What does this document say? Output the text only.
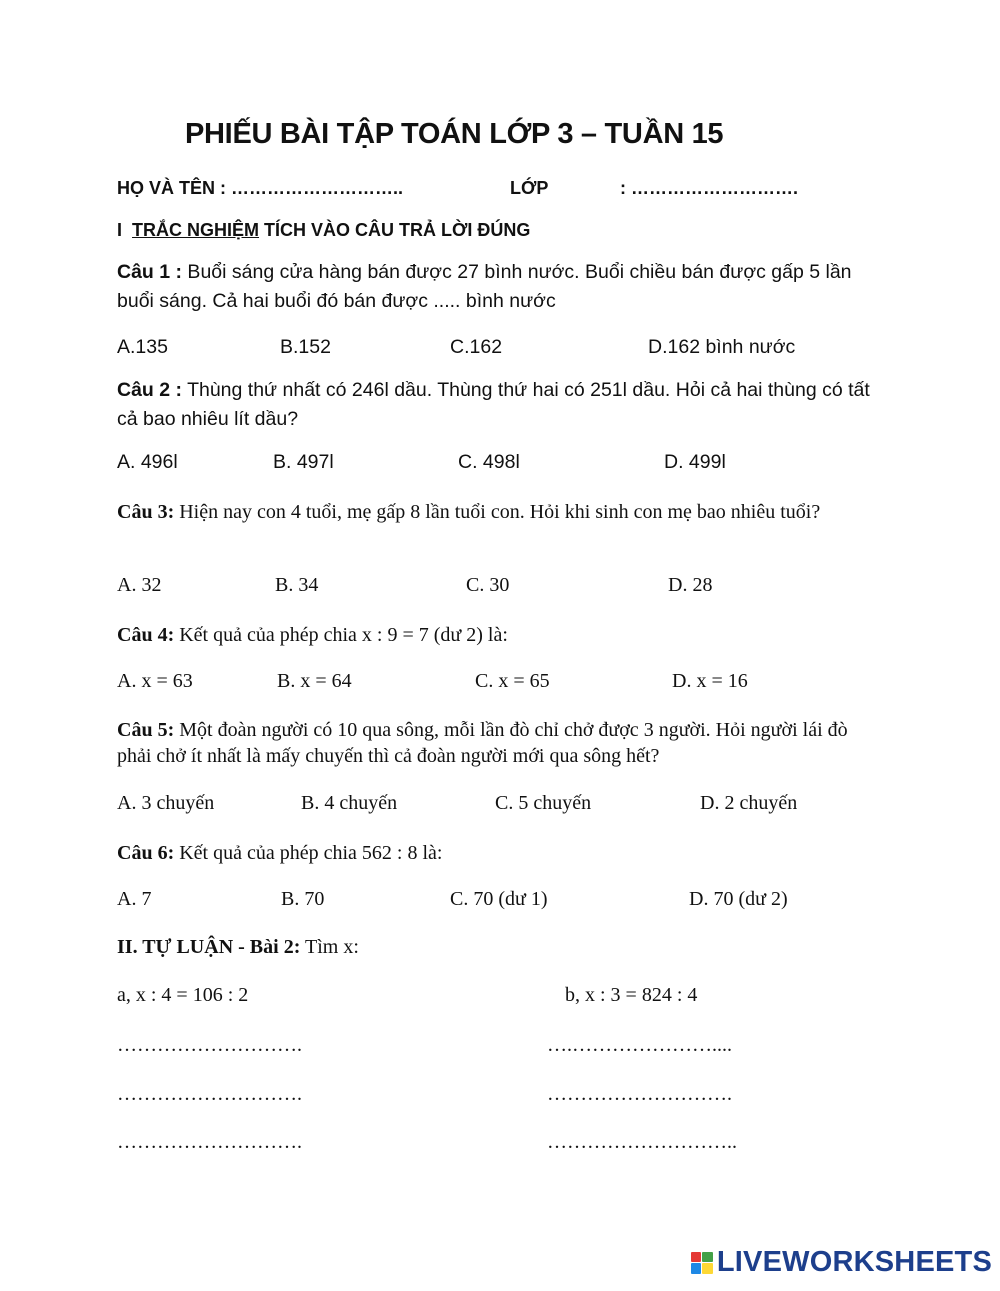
PHIẾU BÀI TẬP TOÁN LỚP 3 – TUẦN 15
HỌ VÀ TÊN : ………………………..	LỚP	: ……………………….
I TRẮC NGHIỆM TÍCH VÀO CÂU TRẢ LỜI ĐÚNG
Câu 1 : Buổi sáng cửa hàng bán được 27 bình nước. Buổi chiều bán được gấp 5 lần buổi sáng. Cả hai buổi đó bán được ..... bình nước
A.135	B.152	C.162	D.162 bình nước
Câu 2 : Thùng thứ nhất có 246l dầu. Thùng thứ hai có 251l dầu. Hỏi cả hai thùng có tất cả bao nhiêu lít dầu?
A. 496l	B. 497l	C. 498l	D. 499l
Câu 3: Hiện nay con 4 tuổi, mẹ gấp 8 lần tuổi con. Hỏi khi sinh con mẹ bao nhiêu tuổi?
A. 32	B. 34	C. 30	D. 28
Câu 4: Kết quả của phép chia x : 9 = 7 (dư 2) là:
A. x = 63	B. x = 64	C. x = 65	D. x = 16
Câu 5: Một đoàn người có 10 qua sông, mỗi lần đò chỉ chở được 3 người. Hỏi người lái đò phải chở ít nhất là mấy chuyến thì cả đoàn người mới qua sông hết?
A. 3 chuyến	B. 4 chuyến	C. 5 chuyến	D. 2 chuyến
Câu 6: Kết quả của phép chia 562 : 8 là:
A. 7	B. 70	C. 70 (dư 1)	D. 70 (dư 2)
II. TỰ LUẬN - Bài 2: Tìm x:
a, x : 4 = 106 : 2	b, x : 3 = 824 : 4
……………………….	….…………………....
……………………….	……………………….
……………………….	………………………..
LIVEWORKSHEETS
